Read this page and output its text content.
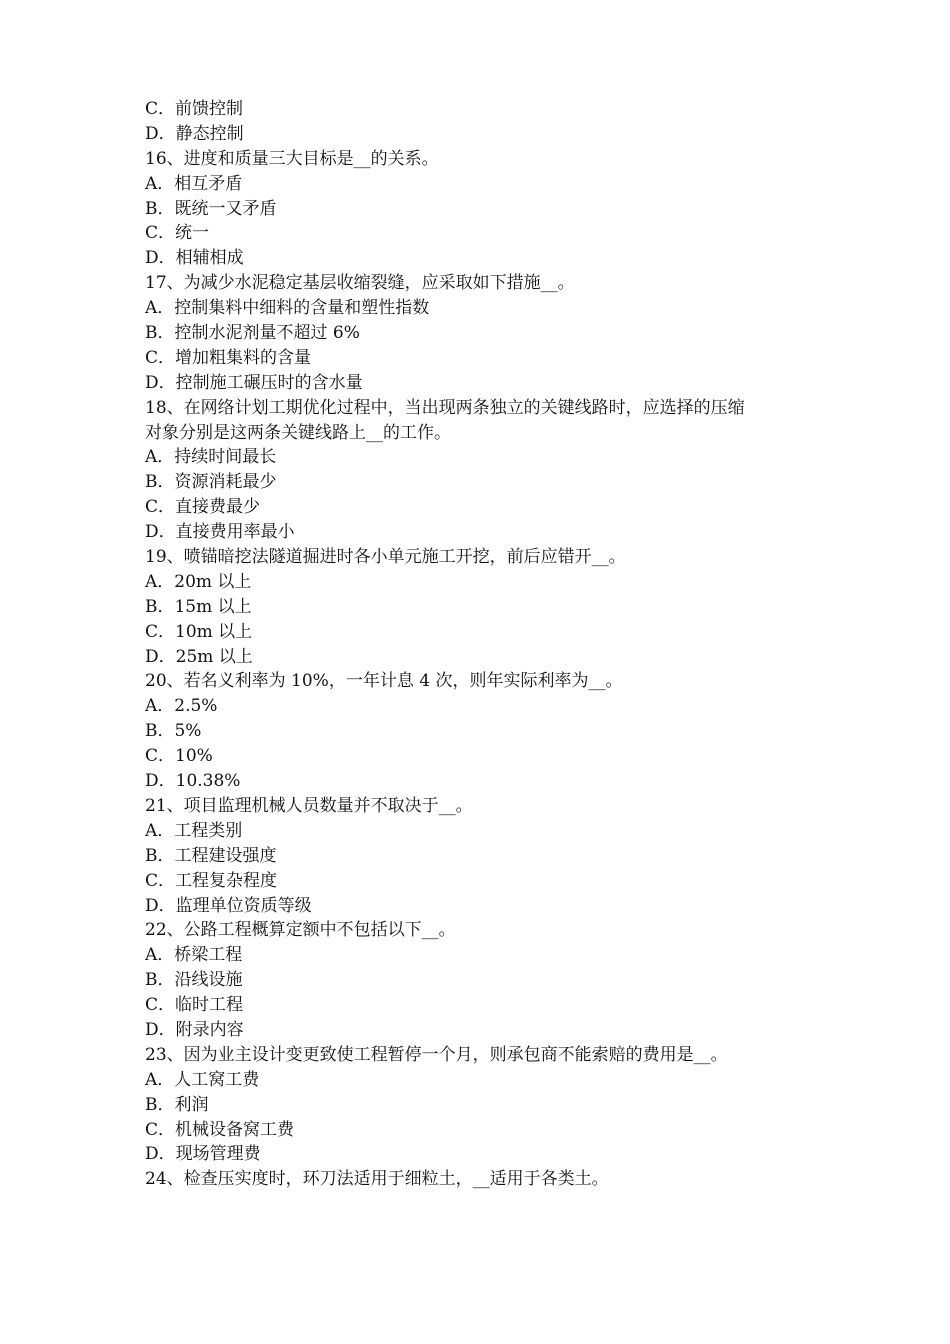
C．前馈控制
D．静态控制
16、进度和质量三大目标是__的关系。
A．相互矛盾
B．既统一又矛盾
C．统一
D．相辅相成
17、为减少水泥稳定基层收缩裂缝，应采取如下措施__。
A．控制集料中细料的含量和塑性指数
B．控制水泥剂量不超过 6%
C．增加粗集料的含量
D．控制施工碾压时的含水量
18、在网络计划工期优化过程中，当出现两条独立的关键线路时，应选择的压缩
对象分别是这两条关键线路上__的工作。
A．持续时间最长
B．资源消耗最少
C．直接费最少
D．直接费用率最小
19、喷锚暗挖法隧道掘进时各小单元施工开挖，前后应错开__。
A．20m 以上
B．15m 以上
C．10m 以上
D．25m 以上
20、若名义利率为 10%，一年计息 4 次，则年实际利率为__。
A．2.5%
B．5%
C．10%
D．10.38%
21、项目监理机械人员数量并不取决于__。
A．工程类别
B．工程建设强度
C．工程复杂程度
D．监理单位资质等级
22、公路工程概算定额中不包括以下__。
A．桥梁工程
B．沿线设施
C．临时工程
D．附录内容
23、因为业主设计变更致使工程暂停一个月，则承包商不能索赔的费用是__。
A．人工窝工费
B．利润
C．机械设备窝工费
D．现场管理费
24、检查压实度时，环刀法适用于细粒土，__适用于各类土。
